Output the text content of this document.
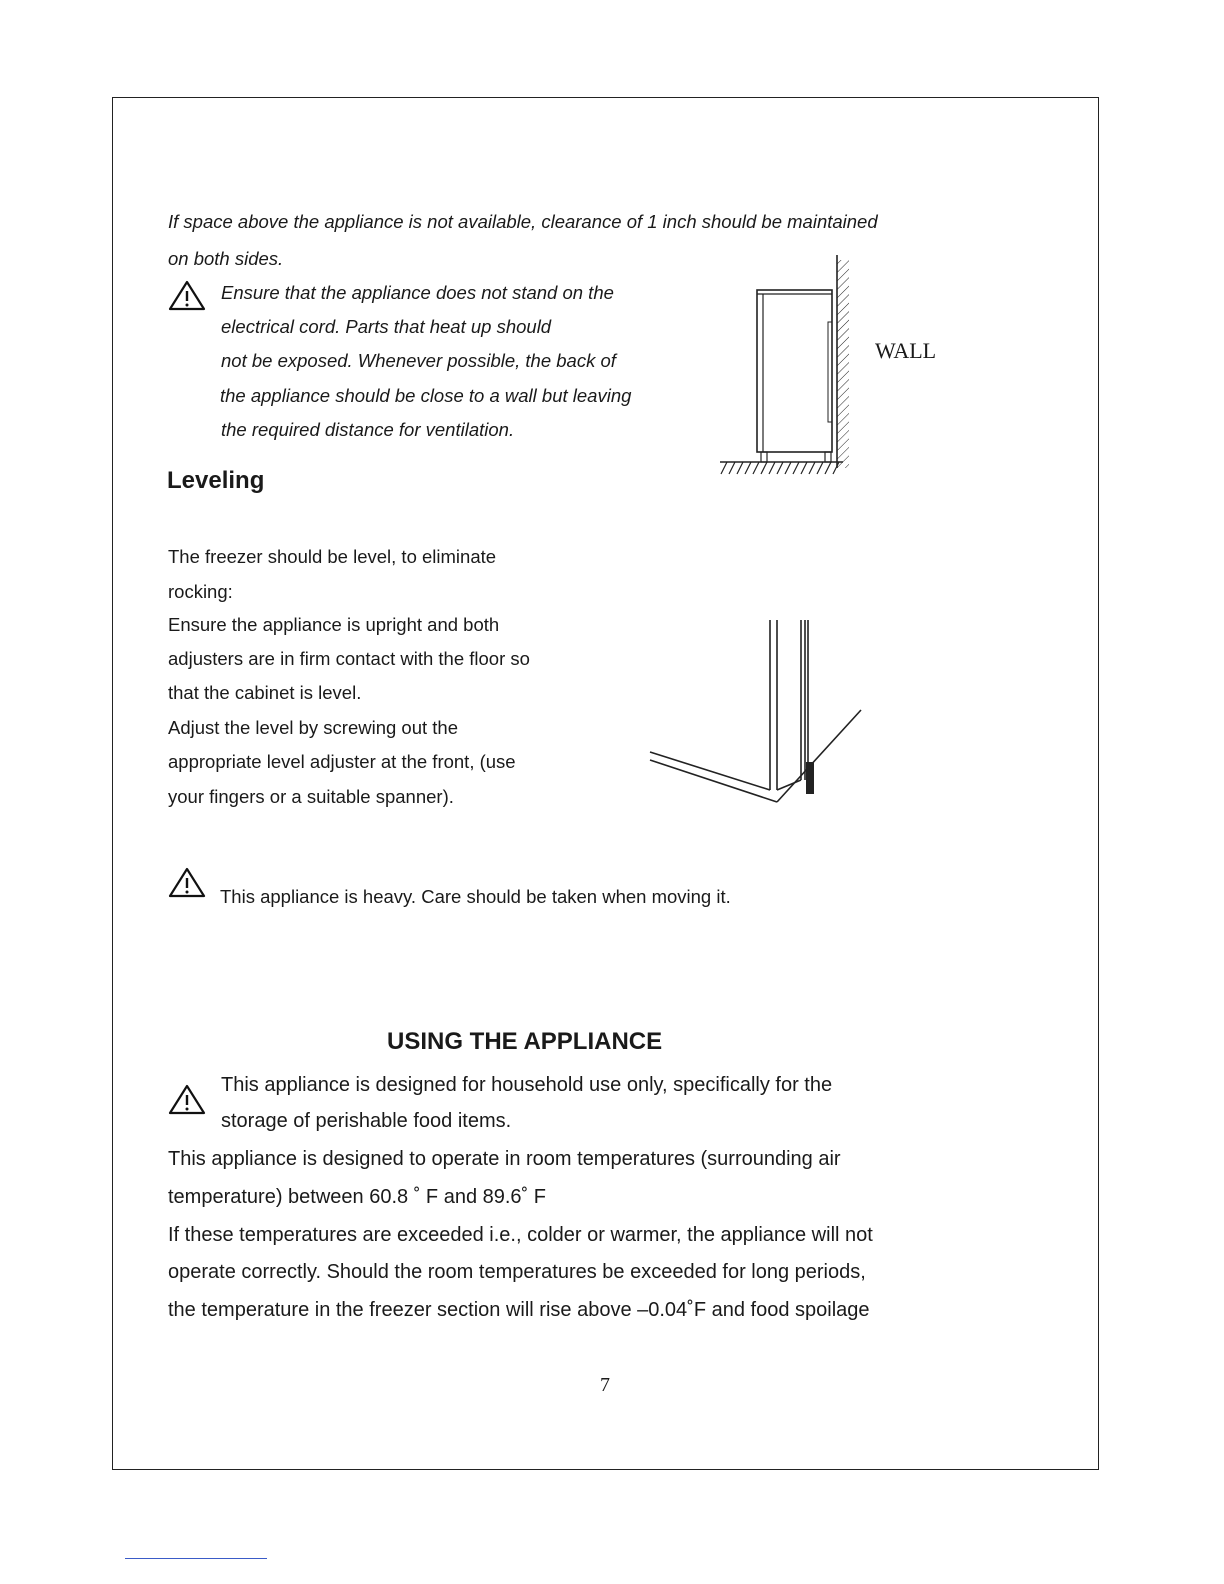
If space above the appliance is not available, clearance of 1 inch should be maintained
on both sides.
Ensure that the appliance does not stand on the
electrical cord. Parts that heat up should
not be exposed. Whenever possible, the back of
the appliance should be close to a wall but leaving
the required distance for ventilation.
WALL
Leveling
The freezer should be level, to eliminate
rocking:
Ensure the appliance is upright and both
adjusters are in firm contact with the floor so
that the cabinet is level.
Adjust the level by screwing out the
appropriate level adjuster at the front, (use
your fingers or a suitable spanner).
This appliance is heavy. Care should be taken when moving it.
USING THE APPLIANCE
This appliance is designed for household use only, specifically for the
storage of perishable food items.
This appliance is designed to operate in room temperatures (surrounding air
temperature) between 60.8 ˚ F and 89.6˚ F
If these temperatures are exceeded i.e., colder or warmer, the appliance will not
operate correctly. Should the room temperatures be exceeded for long periods,
the temperature in the freezer section will rise above –0.04˚F and food spoilage
7
